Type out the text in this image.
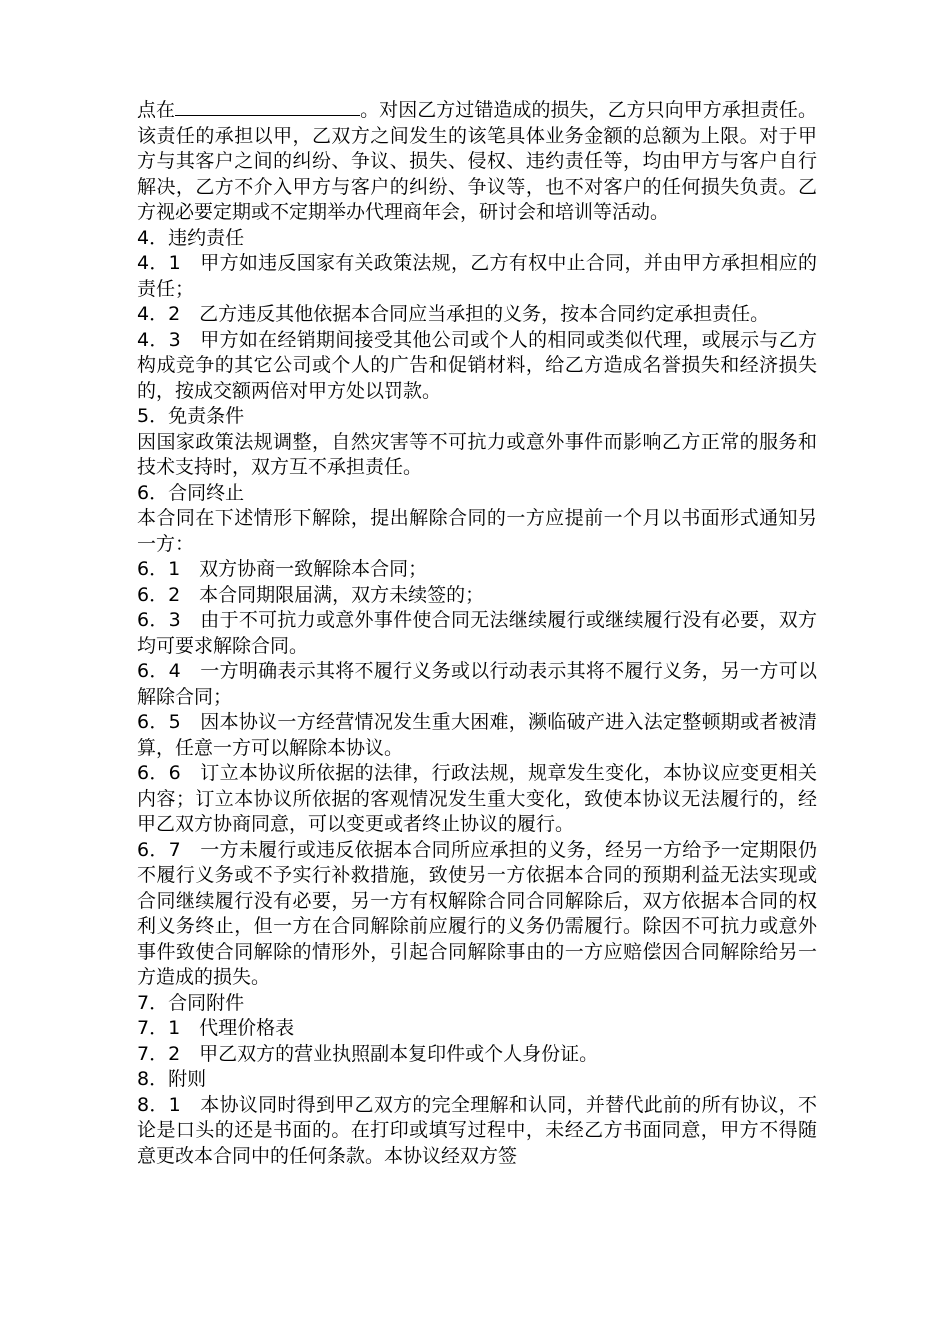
点在	。对因乙方过错造成的损失，乙方只向甲方承担责任。该责任的承担以甲，乙双方之间发生的该笔具体业务金额的总额为上限。对于甲方与其客户之间的纠纷、争议、损失、侵权、违约责任等，均由甲方与客户自行解决，乙方不介入甲方与客户的纠纷、争议等，也不对客户的任何损失负责。乙方视必要定期或不定期举办代理商年会，研讨会和培训等活动。

4．违约责任

4．1　甲方如违反国家有关政策法规，乙方有权中止合同，并由甲方承担相应的责任；

4．2　乙方违反其他依据本合同应当承担的义务，按本合同约定承担责任。

4．3　甲方如在经销期间接受其他公司或个人的相同或类似代理，或展示与乙方构成竞争的其它公司或个人的广告和促销材料，给乙方造成名誉损失和经济损失的，按成交额两倍对甲方处以罚款。

5．免责条件

因国家政策法规调整，自然灾害等不可抗力或意外事件而影响乙方正常的服务和技术支持时，双方互不承担责任。

6．合同终止

本合同在下述情形下解除，提出解除合同的一方应提前一个月以书面形式通知另一方：

6．1　双方协商一致解除本合同；

6．2　本合同期限届满，双方未续签的；

6．3　由于不可抗力或意外事件使合同无法继续履行或继续履行没有必要，双方均可要求解除合同。

6．4　一方明确表示其将不履行义务或以行动表示其将不履行义务，另一方可以解除合同；

6．5　因本协议一方经营情况发生重大困难，濒临破产进入法定整顿期或者被清算，任意一方可以解除本协议。

6．6　订立本协议所依据的法律，行政法规，规章发生变化，本协议应变更相关内容；订立本协议所依据的客观情况发生重大变化，致使本协议无法履行的，经甲乙双方协商同意，可以变更或者终止协议的履行。

6．7　一方未履行或违反依据本合同所应承担的义务，经另一方给予一定期限仍不履行义务或不予实行补救措施，致使另一方依据本合同的预期利益无法实现或合同继续履行没有必要，另一方有权解除合同合同解除后，双方依据本合同的权利义务终止，但一方在合同解除前应履行的义务仍需履行。除因不可抗力或意外事件致使合同解除的情形外，引起合同解除事由的一方应赔偿因合同解除给另一方造成的损失。

7．合同附件

7．1　代理价格表

7．2　甲乙双方的营业执照副本复印件或个人身份证。

8．附则

8．1　本协议同时得到甲乙双方的完全理解和认同，并替代此前的所有协议，不论是口头的还是书面的。在打印或填写过程中，未经乙方书面同意，甲方不得随意更改本合同中的任何条款。本协议经双方签
